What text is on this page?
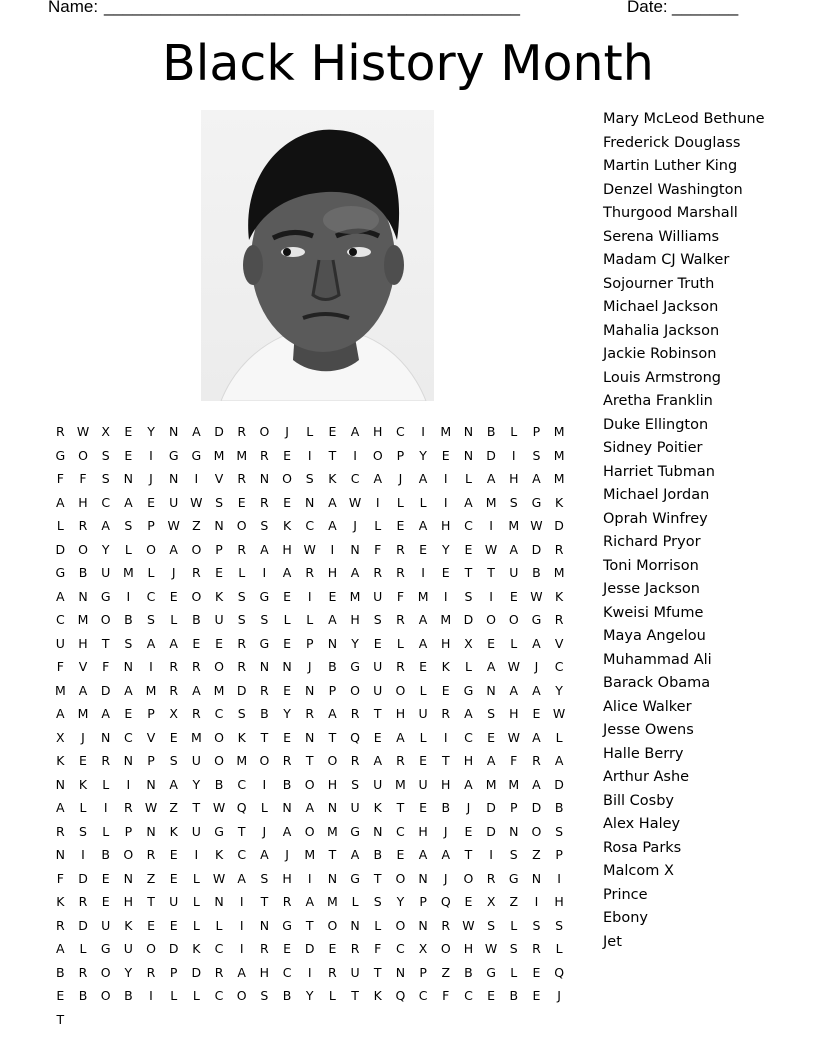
Name:

____________________________________________

	Date:

_______

Black History Month
R W X	E	Y	N	A	D	R	O	J	L	E	A	H	C	I	M	N	B	L	P	M
G	O	S	E	I	G	G M M	R	E	I	T	I	O	P	Y	E	N	D	I	S	M
F	F	S	N	J	N	I	V	R	N	O	S	K	C	A	J	A	I	L	A	H	A	M
A	H	C	A	E	U W	S	E	R	E	N	A W	I	L	L	I	A	M	S	G	K
L	R	A	S	P	W Z	N	O	S	K	C	A	J	L	E	A	H	C	I	M W D
D	O	Y	L	O	A	O	P	R	A	H W	I	N	F	R	E	Y	E	W A	D	R
G	B	U	M	L	J	R	E	L	I	A	R	H	A	R	R	I	E	T	T	U	B	M
A	N	G	I	C	E	O	K	S	G	E	I	E	M	U	F	M	I	S	I	E	W K
C	M O	B	S	L	B	U	S	S	L	L	A	H	S	R	A	M D	O	O	G	R
U	H	T	S	A	A	E	E	R	G	E	P	N	Y	E	L	A	H	X	E	L	A	V
F	V	F	N	I	R	R	O	R	N	N	J	B	G	U	R	E	K	L	A W	J	C
M	A	D	A	M	R	A	M D	R	E	N	P	O	U	O	L	E	G	N	A	A	Y
A	M	A	E	P	X	R	C	S	B	Y	R	A	R	T	H	U	R	A	S	H	E	W
X	J	N	C	V	E	M O	K	T	E	N	T	Q	E	A	L	I	C	E	W A	L
K	E	R	N	P	S	U	O M O	R	T	O	R	A	R	E	T	H	A	F	R	A
N	K	L	I	N	A	Y	B	C	I	B	O	H	S	U	M	U	H	A	M M	A	D
A	L	I	R W Z	T	W Q	L	N	A	N	U	K	T	E	B	J	D	P	D	B
R	S	L	P	N	K	U	G	T	J	A	O M G	N	C	H	J	E	D	N	O	S
N	I	B	O	R	E	I	K	C	A	J	M	T	A	B	E	A	A	T	I	S	Z	P
F	D	E	N	Z	E	L	W A	S	H	I	N	G	T	O	N	J	O	R	G	N	I
K	R	E	H	T	U	L	N	I	T	R	A	M	L	S	Y	P	Q	E	X	Z	I	H
R	D	U	K	E	E	L	L	I	N	G	T	O	N	L	O	N	R W	S	L	S	S
A	L	G	U	O	D	K	C	I	R	E	D	E	R	F	C	X	O	H W	S	R	L
B	R	O	Y	R	P	D	R	A	H	C	I	R	U	T	N	P	Z	B	G	L	E	Q
E	B	O	B	I	L	L	C	O	S	B	Y	L	T	K	Q	C	F	C	E	B	E	J
T
Mary McLeod Bethune
Frederick Douglass
Martin Luther King
Denzel Washington
Thurgood Marshall
Serena Williams
Madam CJ Walker
Sojourner Truth
Michael Jackson
Mahalia Jackson
Jackie Robinson
Louis Armstrong
Aretha Franklin
Duke Ellington
Sidney Poitier
Harriet Tubman
Michael Jordan
Oprah Winfrey
Richard Pryor
Toni Morrison
Jesse Jackson
Kweisi Mfume
Maya Angelou
Muhammad Ali
Barack Obama
Alice Walker
Jesse Owens
Halle Berry
Arthur Ashe
Bill Cosby
Alex Haley
Rosa Parks
Malcom X
Prince
Ebony
Jet
